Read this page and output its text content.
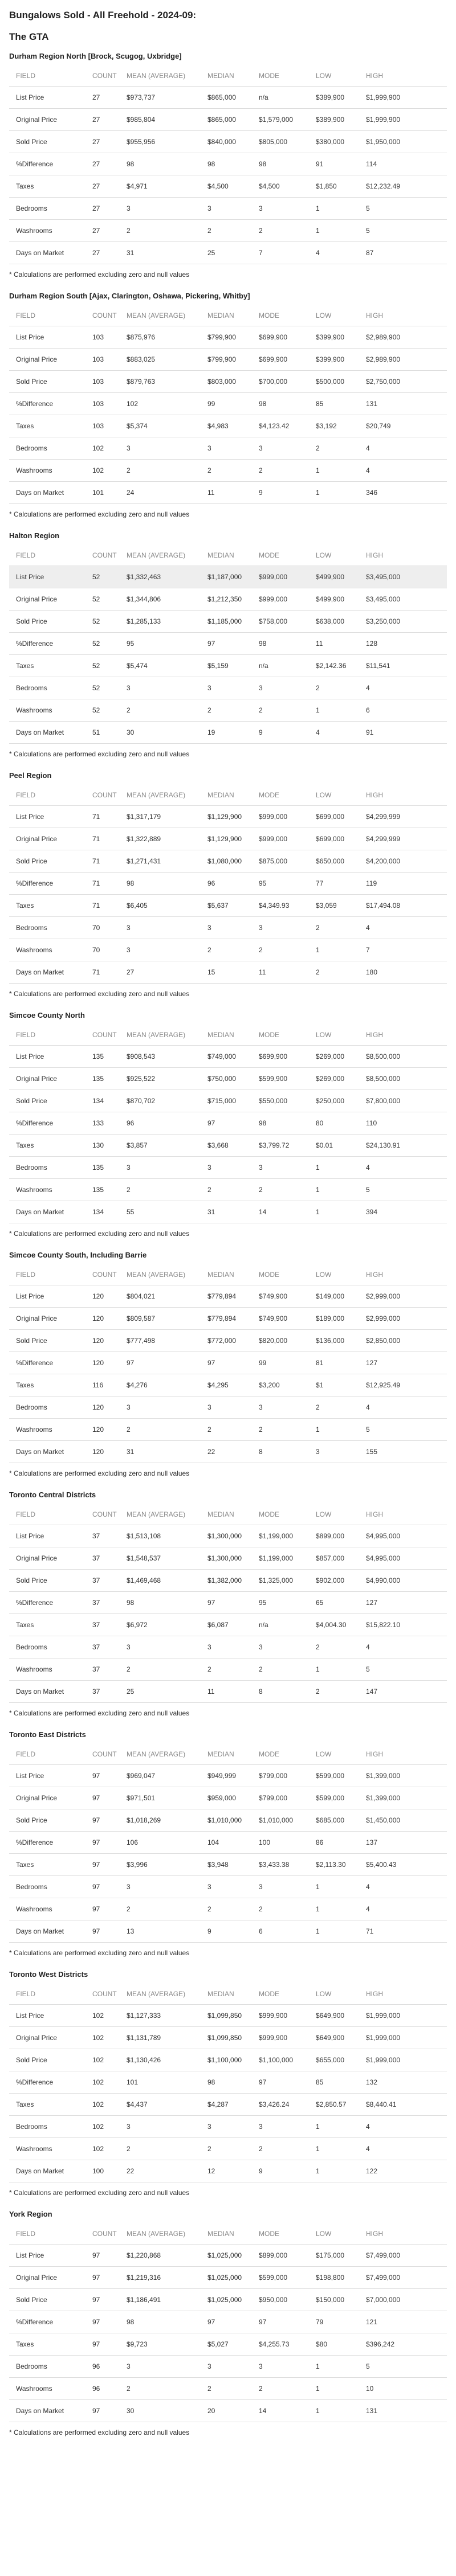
Bungalows Sold - All Freehold - 2024-09:
The GTA
Durham Region North [Brock, Scugog, Uxbridge]
FIELD	COUNT	MEAN (AVERAGE)	MEDIAN	MODE	LOW	HIGH
List Price	27	$973,737	$865,000	n/a	$389,900	$1,999,900
Original Price	27	$985,804	$865,000	$1,579,000	$389,900	$1,999,900
Sold Price	27	$955,956	$840,000	$805,000	$380,000	$1,950,000
%Difference	27	98	98	98	91	114
Taxes	27	$4,971	$4,500	$4,500	$1,850	$12,232.49
Bedrooms	27	3	3	3	1	5
Washrooms	27	2	2	2	1	5
Days on Market	27	31	25	7	4	87
* Calculations are performed excluding zero and null values
Durham Region South [Ajax, Clarington, Oshawa, Pickering, Whitby]
FIELD	COUNT	MEAN (AVERAGE)	MEDIAN	MODE	LOW	HIGH
List Price	103	$875,976	$799,900	$699,900	$399,900	$2,989,900
Original Price	103	$883,025	$799,900	$699,900	$399,900	$2,989,900
Sold Price	103	$879,763	$803,000	$700,000	$500,000	$2,750,000
%Difference	103	102	99	98	85	131
Taxes	103	$5,374	$4,983	$4,123.42	$3,192	$20,749
Bedrooms	102	3	3	3	2	4
Washrooms	102	2	2	2	1	4
Days on Market	101	24	11	9	1	346
* Calculations are performed excluding zero and null values
Halton Region
FIELD	COUNT	MEAN (AVERAGE)	MEDIAN	MODE	LOW	HIGH
List Price	52	$1,332,463	$1,187,000	$999,000	$499,900	$3,495,000
Original Price	52	$1,344,806	$1,212,350	$999,000	$499,900	$3,495,000
Sold Price	52	$1,285,133	$1,185,000	$758,000	$638,000	$3,250,000
%Difference	52	95	97	98	11	128
Taxes	52	$5,474	$5,159	n/a	$2,142.36	$11,541
Bedrooms	52	3	3	3	2	4
Washrooms	52	2	2	2	1	6
Days on Market	51	30	19	9	4	91
* Calculations are performed excluding zero and null values
Peel Region
FIELD	COUNT	MEAN (AVERAGE)	MEDIAN	MODE	LOW	HIGH
List Price	71	$1,317,179	$1,129,900	$999,000	$699,000	$4,299,999
Original Price	71	$1,322,889	$1,129,900	$999,000	$699,000	$4,299,999
Sold Price	71	$1,271,431	$1,080,000	$875,000	$650,000	$4,200,000
%Difference	71	98	96	95	77	119
Taxes	71	$6,405	$5,637	$4,349.93	$3,059	$17,494.08
Bedrooms	70	3	3	3	2	4
Washrooms	70	3	2	2	1	7
Days on Market	71	27	15	11	2	180
* Calculations are performed excluding zero and null values
Simcoe County North
FIELD	COUNT	MEAN (AVERAGE)	MEDIAN	MODE	LOW	HIGH
List Price	135	$908,543	$749,000	$699,900	$269,000	$8,500,000
Original Price	135	$925,522	$750,000	$599,900	$269,000	$8,500,000
Sold Price	134	$870,702	$715,000	$550,000	$250,000	$7,800,000
%Difference	133	96	97	98	80	110
Taxes	130	$3,857	$3,668	$3,799.72	$0.01	$24,130.91
Bedrooms	135	3	3	3	1	4
Washrooms	135	2	2	2	1	5
Days on Market	134	55	31	14	1	394
* Calculations are performed excluding zero and null values
Simcoe County South, Including Barrie
FIELD	COUNT	MEAN (AVERAGE)	MEDIAN	MODE	LOW	HIGH
List Price	120	$804,021	$779,894	$749,900	$149,000	$2,999,000
Original Price	120	$809,587	$779,894	$749,900	$189,000	$2,999,000
Sold Price	120	$777,498	$772,000	$820,000	$136,000	$2,850,000
%Difference	120	97	97	99	81	127
Taxes	116	$4,276	$4,295	$3,200	$1	$12,925.49
Bedrooms	120	3	3	3	2	4
Washrooms	120	2	2	2	1	5
Days on Market	120	31	22	8	3	155
* Calculations are performed excluding zero and null values
Toronto Central Districts
FIELD	COUNT	MEAN (AVERAGE)	MEDIAN	MODE	LOW	HIGH
List Price	37	$1,513,108	$1,300,000	$1,199,000	$899,000	$4,995,000
Original Price	37	$1,548,537	$1,300,000	$1,199,000	$857,000	$4,995,000
Sold Price	37	$1,469,468	$1,382,000	$1,325,000	$902,000	$4,990,000
%Difference	37	98	97	95	65	127
Taxes	37	$6,972	$6,087	n/a	$4,004.30	$15,822.10
Bedrooms	37	3	3	3	2	4
Washrooms	37	2	2	2	1	5
Days on Market	37	25	11	8	2	147
* Calculations are performed excluding zero and null values
Toronto East Districts
FIELD	COUNT	MEAN (AVERAGE)	MEDIAN	MODE	LOW	HIGH
List Price	97	$969,047	$949,999	$799,000	$599,000	$1,399,000
Original Price	97	$971,501	$959,000	$799,000	$599,000	$1,399,000
Sold Price	97	$1,018,269	$1,010,000	$1,010,000	$685,000	$1,450,000
%Difference	97	106	104	100	86	137
Taxes	97	$3,996	$3,948	$3,433.38	$2,113.30	$5,400.43
Bedrooms	97	3	3	3	1	4
Washrooms	97	2	2	2	1	4
Days on Market	97	13	9	6	1	71
* Calculations are performed excluding zero and null values
Toronto West Districts
FIELD	COUNT	MEAN (AVERAGE)	MEDIAN	MODE	LOW	HIGH
List Price	102	$1,127,333	$1,099,850	$999,900	$649,900	$1,999,000
Original Price	102	$1,131,789	$1,099,850	$999,900	$649,900	$1,999,000
Sold Price	102	$1,130,426	$1,100,000	$1,100,000	$655,000	$1,999,000
%Difference	102	101	98	97	85	132
Taxes	102	$4,437	$4,287	$3,426.24	$2,850.57	$8,440.41
Bedrooms	102	3	3	3	1	4
Washrooms	102	2	2	2	1	4
Days on Market	100	22	12	9	1	122
* Calculations are performed excluding zero and null values
York Region
FIELD	COUNT	MEAN (AVERAGE)	MEDIAN	MODE	LOW	HIGH
List Price	97	$1,220,868	$1,025,000	$899,000	$175,000	$7,499,000
Original Price	97	$1,219,316	$1,025,000	$599,000	$198,800	$7,499,000
Sold Price	97	$1,186,491	$1,025,000	$950,000	$150,000	$7,000,000
%Difference	97	98	97	97	79	121
Taxes	97	$9,723	$5,027	$4,255.73	$80	$396,242
Bedrooms	96	3	3	3	1	5
Washrooms	96	2	2	2	1	10
Days on Market	97	30	20	14	1	131
* Calculations are performed excluding zero and null values
